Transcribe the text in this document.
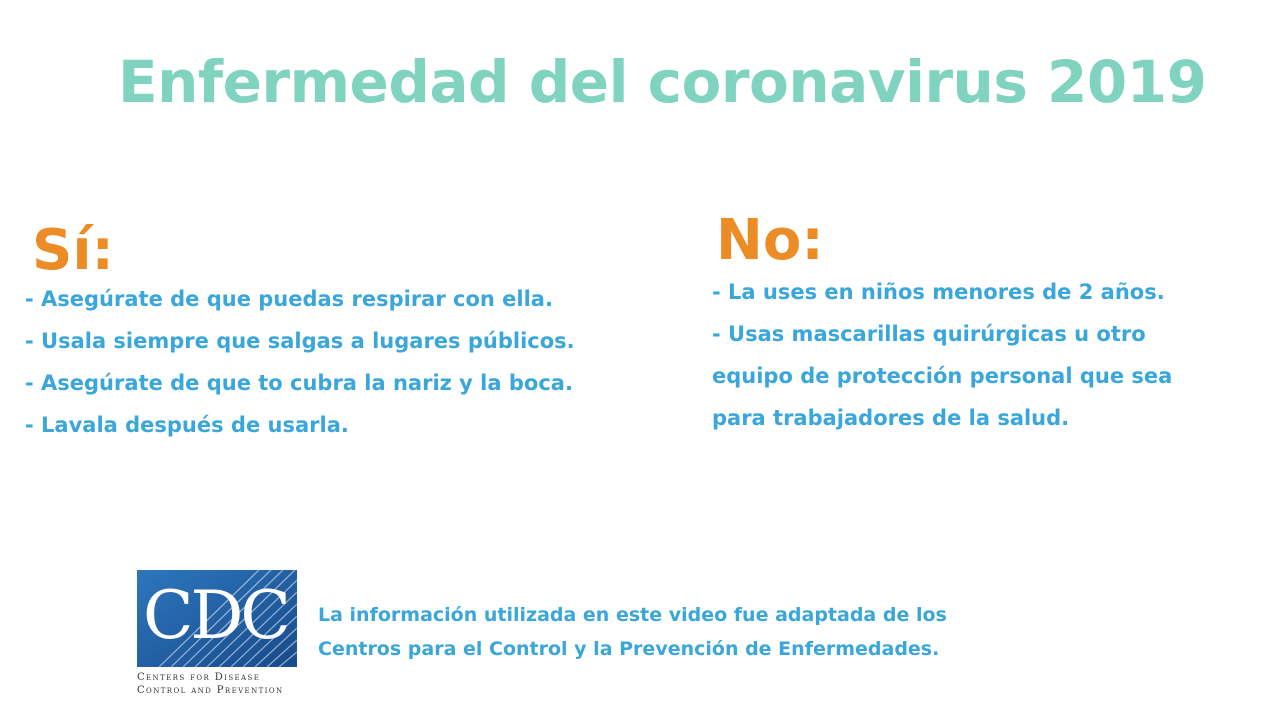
Enfermedad del coronavirus 2019
Sí:
- Asegúrate de que puedas respirar con ella.
- Usala siempre que salgas a lugares públicos.
- Asegúrate de que to cubra la nariz y la boca.
- Lavala después de usarla.
No:
- La uses en niños menores de 2 años.
- Usas mascarillas quirúrgicas u otro
equipo de protección personal que sea
para trabajadores de la salud.
CDC
Centers for Disease
Control and Prevention
La información utilizada en este video fue adaptada de los
Centros para el Control y la Prevención de Enfermedades.
